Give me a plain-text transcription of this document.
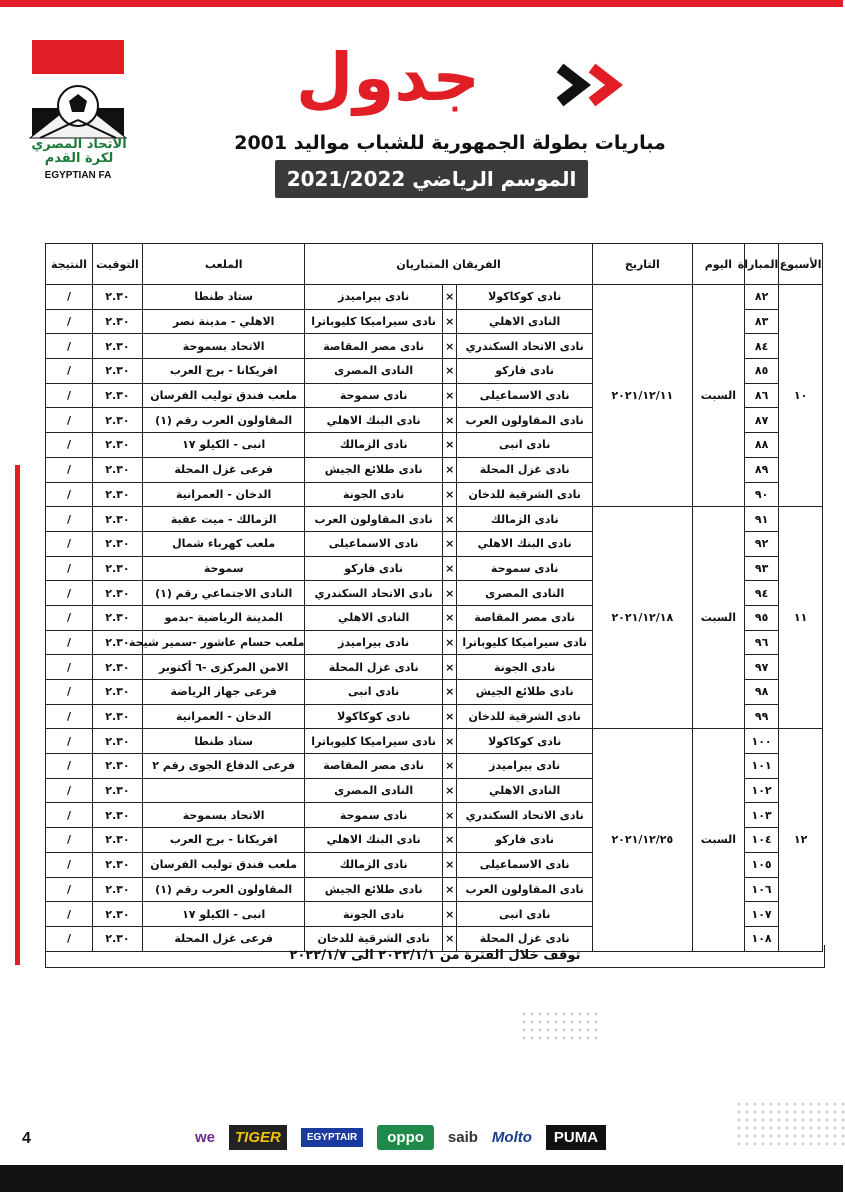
الاتحاد المصري لكرة القدم
EGYPTIAN FA
جدول
مباريات بطولة الجمهورية للشباب مواليد 2001
الموسم الرياضي 2021/2022
الأسبوع	المباراة	اليوم	التاريخ	الفريقان المتباريان			الملعب	التوقيت	النتيجة
١٠	٨٢	السبت	٢٠٢١/١٢/١١	نادى كوكاكولا	×	نادى بيراميدز	ستاد طنطا	٢.٣٠	/
	٨٣			النادى الاهلي	×	نادى سيراميكا كليوباترا	الاهلي - مدينة نصر	٢.٣٠	/
	٨٤			نادى الاتحاد السكندري	×	نادى مصر المقاصة	الاتحاد بسموحة	٢.٣٠	/
	٨٥			نادى فاركو	×	النادى المصرى	افريكانا - برج العرب	٢.٣٠	/
	٨٦			نادى الاسماعيلى	×	نادى سموحة	ملعب فندق توليب الفرسان	٢.٣٠	/
	٨٧			نادى المقاولون العرب	×	نادى البنك الاهلي	المقاولون العرب رقم (١)	٢.٣٠	/
	٨٨			نادى انبى	×	نادى الزمالك	انبى - الكيلو ١٧	٢.٣٠	/
	٨٩			نادى غزل المحلة	×	نادى طلائع الجيش	فرعى غزل المحلة	٢.٣٠	/
	٩٠			نادى الشرقية للدخان	×	نادى الجونة	الدخان - العمرانية	٢.٣٠	/
١١	٩١	السبت	٢٠٢١/١٢/١٨	نادى الزمالك	×	نادى المقاولون العرب	الزمالك - ميت عقبة	٢.٣٠	/
	٩٢			نادى البنك الاهلي	×	نادى الاسماعيلى	ملعب كهرباء شمال	٢.٣٠	/
	٩٣			نادى سموحة	×	نادى فاركو	سموحة	٢.٣٠	/
	٩٤			النادى المصرى	×	نادى الاتحاد السكندري	النادى الاجتماعي رقم (١)	٢.٣٠	/
	٩٥			نادى مصر المقاصة	×	النادى الاهلي	المدينة الرياضية -بدمو	٢.٣٠	/
	٩٦			نادى سيراميكا كليوباترا	×	نادى بيراميدز	ملعب حسام عاشور -سمير شيحة	٢.٣٠	/
	٩٧			نادى الجونة	×	نادى غزل المحلة	الامن المركزى -٦ أكتوبر	٢.٣٠	/
	٩٨			نادى طلائع الجيش	×	نادى انبى	فرعى جهاز الرياضة	٢.٣٠	/
	٩٩			نادى الشرقية للدخان	×	نادى كوكاكولا	الدخان - العمرانية	٢.٣٠	/
١٢	١٠٠	السبت	٢٠٢١/١٢/٢٥	نادى كوكاكولا	×	نادى سيراميكا كليوباترا	ستاد طنطا	٢.٣٠	/
	١٠١			نادى بيراميدز	×	نادى مصر المقاصة	فرعى الدفاع الجوى رقم ٢	٢.٣٠	/
	١٠٢			النادى الاهلي	×	النادى المصرى		٢.٣٠	/
	١٠٣			نادى الاتحاد السكندري	×	نادى سموحة	الاتحاد بسموحة	٢.٣٠	/
	١٠٤			نادى فاركو	×	نادى البنك الاهلي	افريكانا - برج العرب	٢.٣٠	/
	١٠٥			نادى الاسماعيلى	×	نادى الزمالك	ملعب فندق توليب الفرسان	٢.٣٠	/
	١٠٦			نادى المقاولون العرب	×	نادى طلائع الجيش	المقاولون العرب رقم (١)	٢.٣٠	/
	١٠٧			نادى انبى	×	نادى الجونة	انبى - الكيلو ١٧	٢.٣٠	/
	١٠٨			نادى غزل المحلة	×	نادى الشرقية للدخان	فرعى غزل المحلة	٢.٣٠	/
توقف خلال الفترة من ٢٠٢٢/١/١ الى ٢٠٢٢/١/٧
4	we	TIGER	EGYPTAIR	oppo	saib Molto	PUMA
